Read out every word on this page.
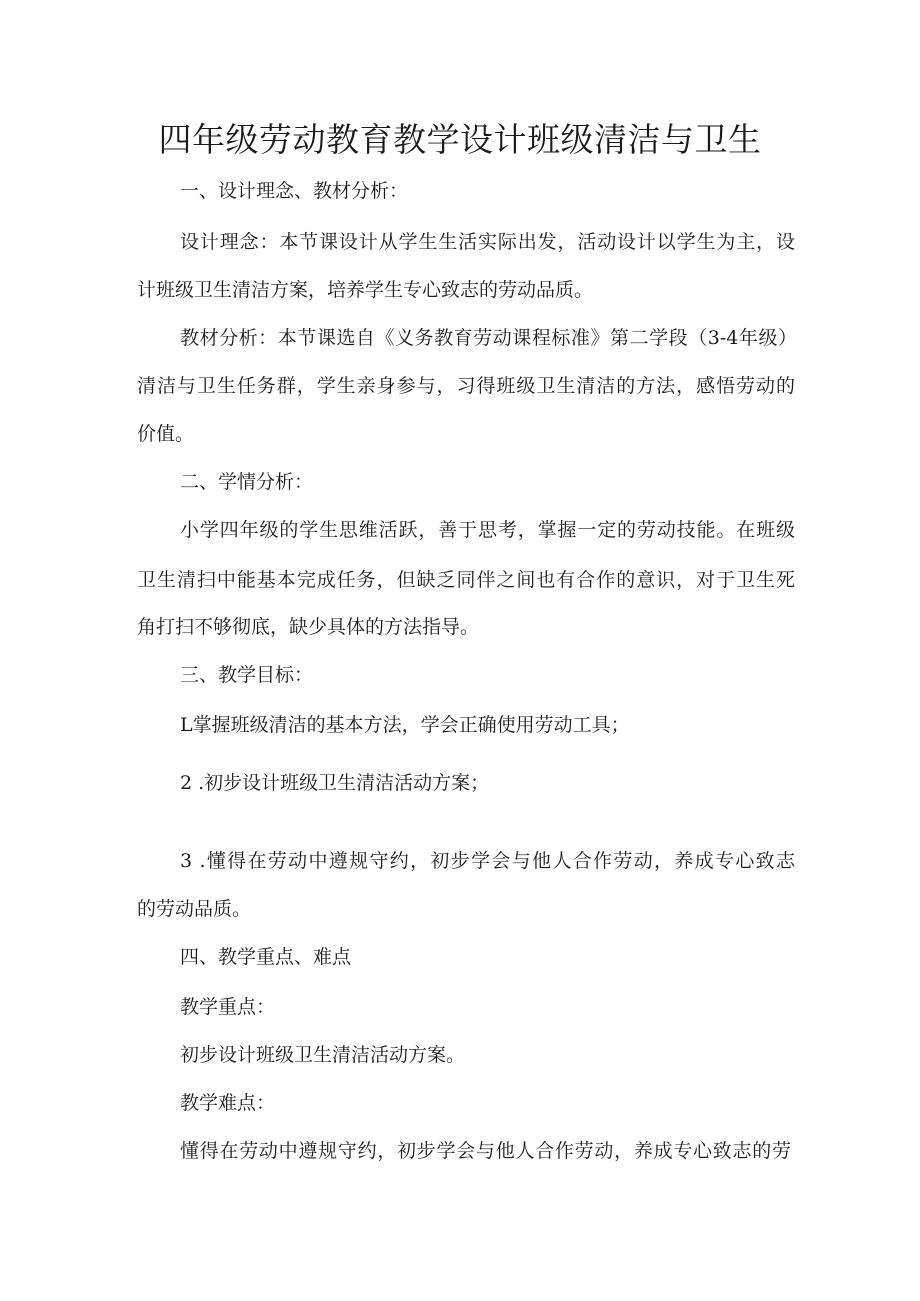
四年级劳动教育教学设计班级清洁与卫生
一、设计理念、教材分析：
设计理念：本节课设计从学生生活实际出发，活动设计以学生为主，设
计班级卫生清洁方案，培养学生专心致志的劳动品质。
教材分析：本节课选自《义务教育劳动课程标准》第二学段（3-4年级）
清洁与卫生任务群，学生亲身参与，习得班级卫生清洁的方法，感悟劳动的
价值。
二、学情分析：
小学四年级的学生思维活跃，善于思考，掌握一定的劳动技能。在班级
卫生清扫中能基本完成任务，但缺乏同伴之间也有合作的意识，对于卫生死
角打扫不够彻底，缺少具体的方法指导。
三、教学目标：
L掌握班级清洁的基本方法，学会正确使用劳动工具；
2 .初步设计班级卫生清洁活动方案；
3 .懂得在劳动中遵规守约，初步学会与他人合作劳动，养成专心致志
的劳动品质。
四、教学重点、难点
教学重点：
初步设计班级卫生清洁活动方案。
教学难点：
懂得在劳动中遵规守约，初步学会与他人合作劳动，养成专心致志的劳
